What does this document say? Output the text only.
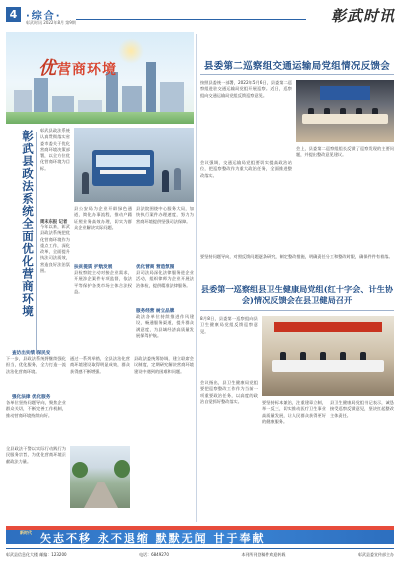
4 ·综合·
彰武时讯 2022年8月 第9期	彰武时讯
优营商环境
彰武县政法系统全面优化营商环境 彰武县政法系统认真贯彻落实省委市委关于优化营商环境决策部署，以全方位优化营商环境为目标。
周末东报 记者
今年以来，彰武县政法系统把优化营商环境作为重点工作，深化改革，全面提升执法司法质效，营造良好法治氛围。
县公安局为企业开辟绿色通道，简化办事流程，推动户籍证照业务高效办理，切实为群众企业解决实际问题。
县法院围绕中心服务大局，加快执行案件办理速度，努力为营商环境提供坚强司法保障。
扶贫提质 护航发展	优化营商 营造氛围
县检察院主动对接企业需求，开展涉企案件专项监督，依法平等保护各类市场主体合法权益。
县司法局深化法律服务进企业活动，组织律师为企业开展法治体检，提供精准法律服务。
服务经营 树立品牌
政法各单位持续推进作风建设，畅通服务渠道，提升群众满意度，为县域经济高质量发展保驾护航。
查访出实绩 保民安
下一步，县政法系统将继续强化担当，优化服务，全力打造一流法治化营商环境。
强化法律 优化服务
各单位坚持问题导向，聚焦企业群众关切，不断完善工作机制，推动营商环境持续向好。
通过一系列举措，全县法治化营商环境建设取得明显成效，群众获得感不断增强。
县政法委统筹协调，建立联席会议制度，定期研究解决营商环境建设中遇到的困难和问题。
全县政法干警以实际行动践行为民服务宗旨，为优化营商环境贡献政法力量。
县委第二巡察组交通运输局党组情况反馈会
按照县委统一部署，2022年5月6日，县委第二巡察组进驻交通运输局党组开展巡察。近日，巡察组向交通运输局党组反馈巡察意见。
会上，县委第二巡察组组长反馈了巡察发现的主要问题，并提出整改意见建议。
会议强调，交通运输局党组要切实提高政治站位，把巡察整改作为重大政治任务，全面推进整改落实。
要坚持问题导向，对照反馈问题逐条研究，制定整改措施，明确责任分工和整改时限，确保件件有着落。
县委第一巡察组县卫生健康局党组(红十字会、计生协会)情况反馈会在县卫健局召开
8月8日，县委第一巡察组向县卫生健康局党组反馈巡察意见。
会议指出，县卫生健康局党组要把巡察整改工作作为当前一项重要政治任务，以高度的政治自觉抓好整改落实。	要坚持标本兼治，注重建章立制，举一反三，切实推动医疗卫生事业高质量发展，让人民群众获得更好的健康服务。
县卫生健康局党组书记表示，诚恳接受巡察反馈意见，坚决扛起整改主体责任。
新时代 矢志不移 永不退缩 默默无闻 甘于奉献
彰武县信息化大楼 邮编：123200	电话：6849270	本刊所刊登稿件欢迎转载	彰武县委宣传部主办
